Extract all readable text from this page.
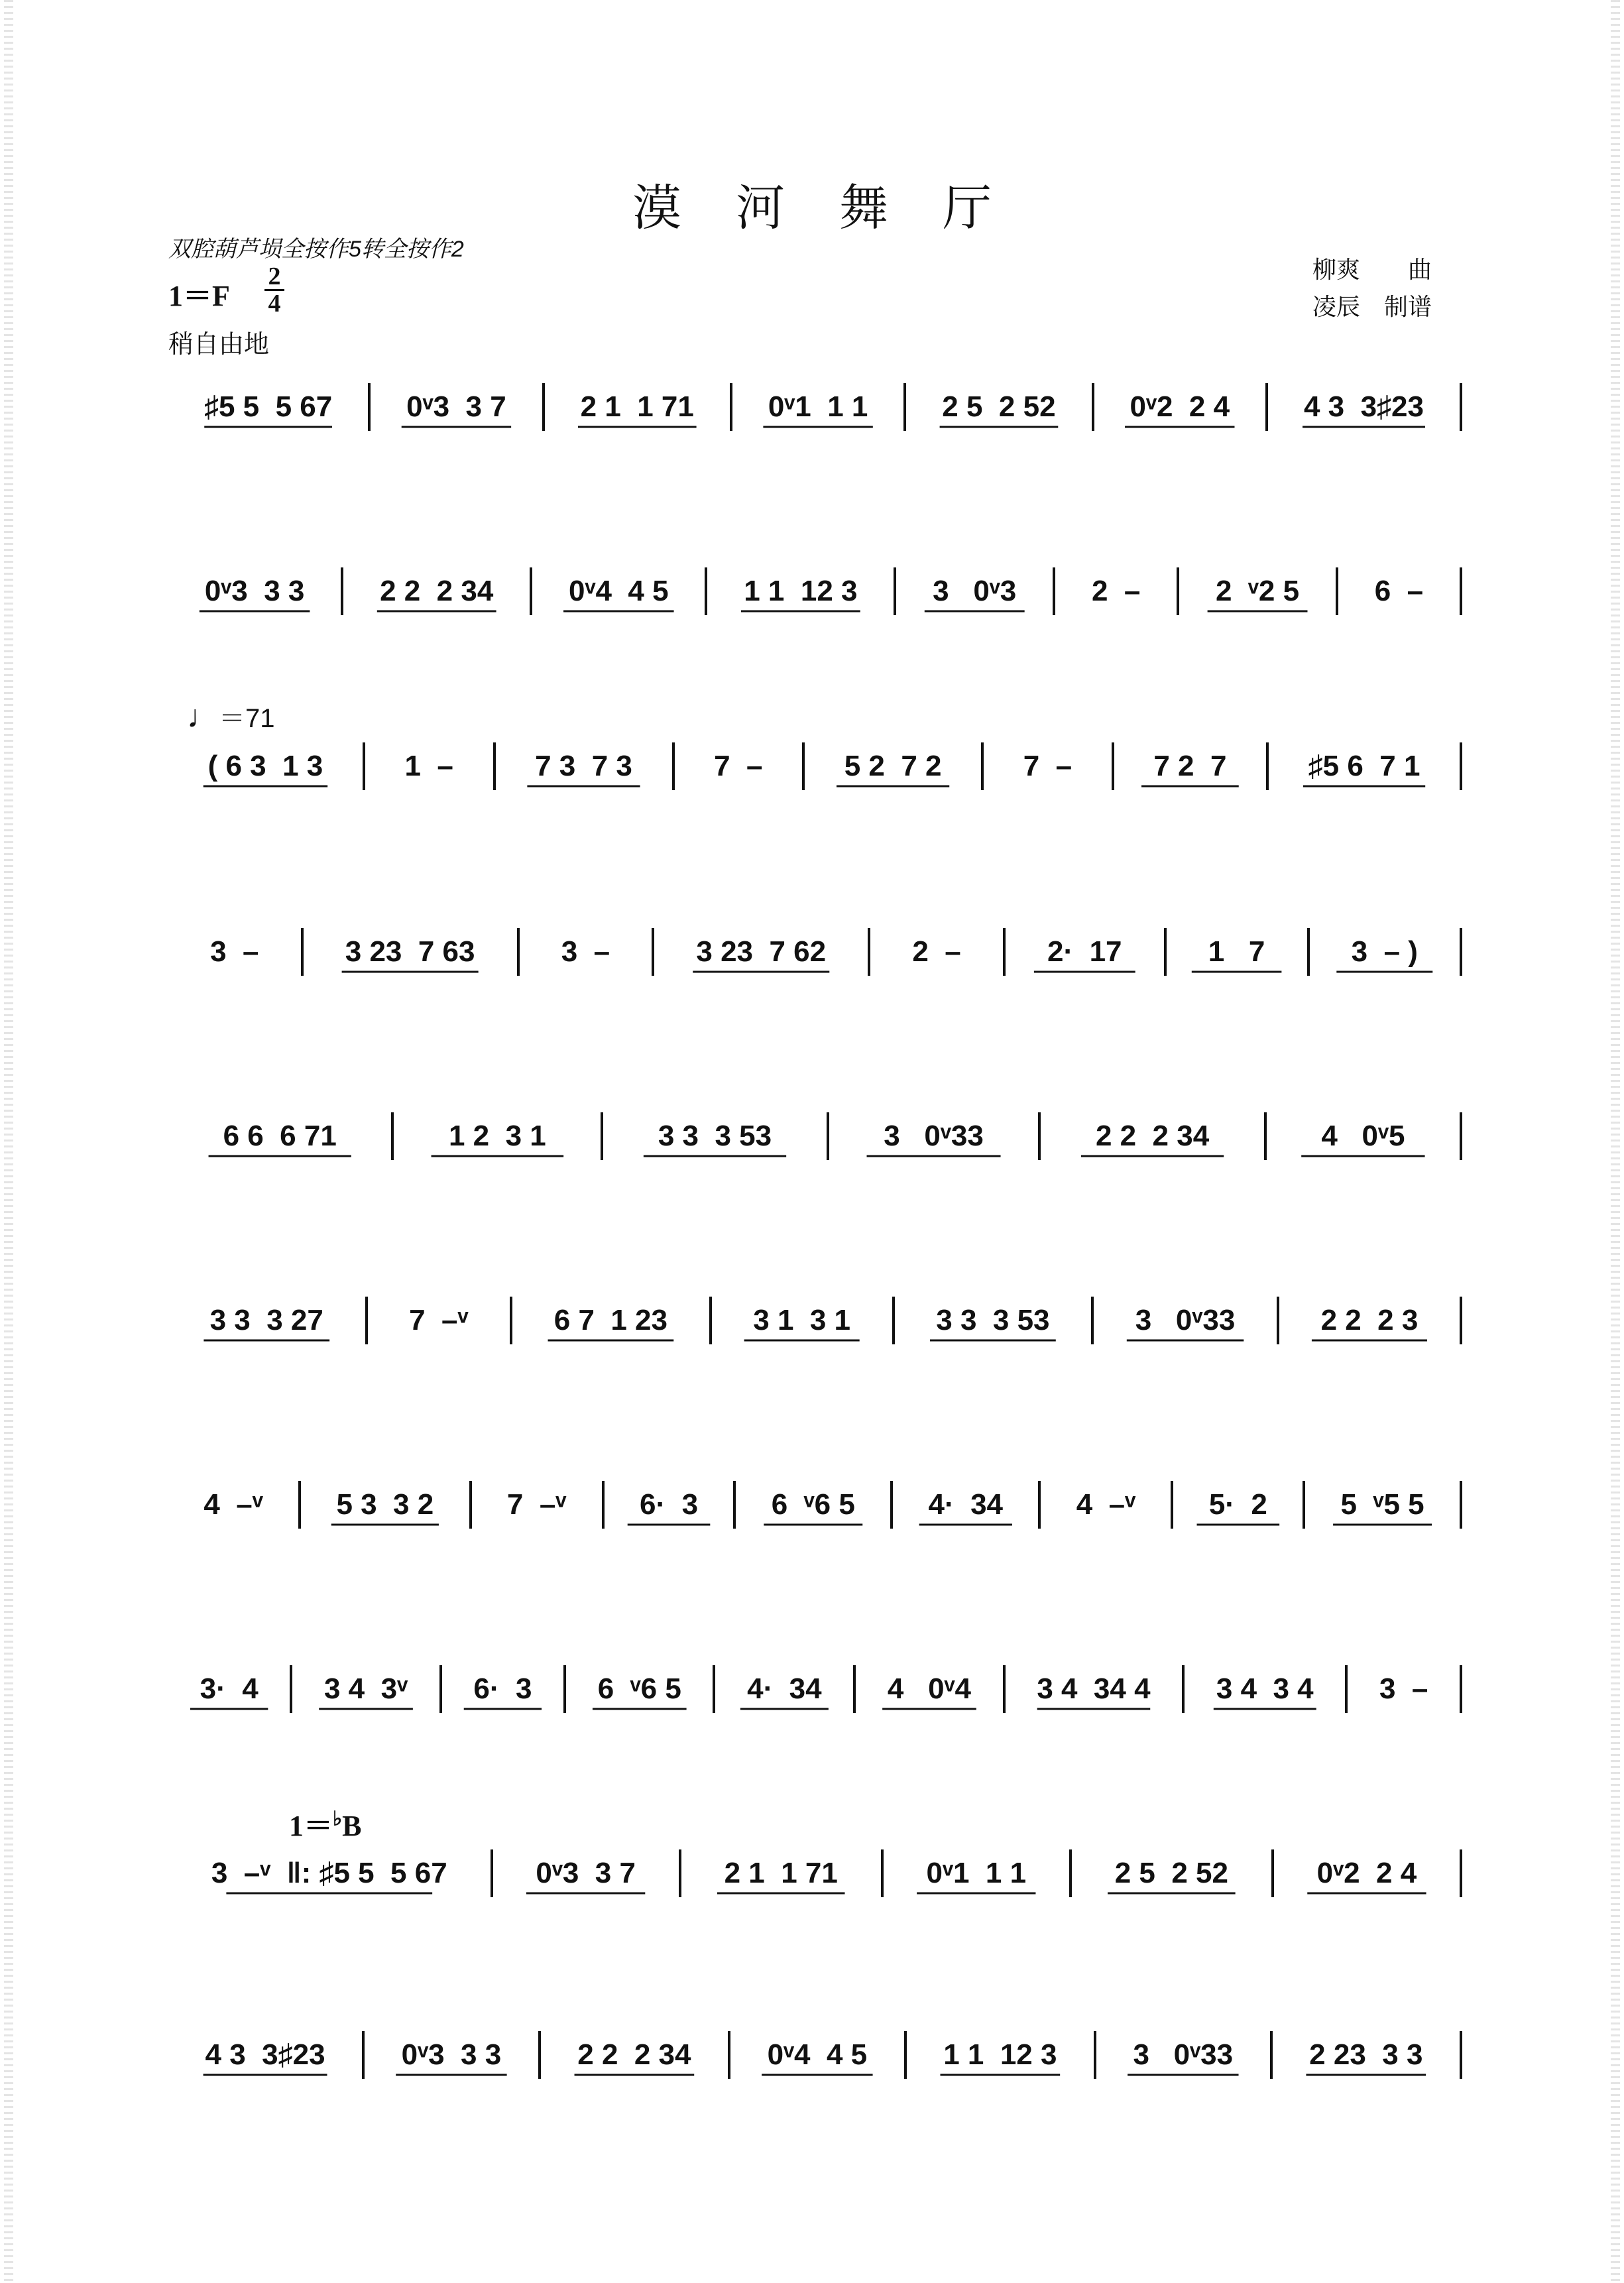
漠河舞厅
双腔葫芦埙全按作5转全按作2
1＝F
2
4
稍自由地
柳爽　　曲
凌辰　制谱
♩＝71
1＝♭B
♯5 5  5 67	0ᵛ3  3 7	2 1  1 71	0ᵛ1  1 1	2 5  2 52	0ᵛ2  2 4	4 3  3♯23
0ᵛ3  3 3	2 2  2 34	0ᵛ4  4 5	1 1  12 3	3   0ᵛ3	2  –	2  ᵛ2 5	6  –
( 6 3  1 3	1  –	7 3  7 3	7  –	5 2  7 2	7  –	7 2  7	♯5 6  7 1
3  –	3 23  7 63	3  –	3 23  7 62	2  –	2·  17	1   7	3  – )
6 6  6 71	1 2  3 1	3 3  3 53	3   0ᵛ33	2 2  2 34	4   0ᵛ5
3 3  3 27	7  –ᵛ	6 7  1 23	3 1  3 1	3 3  3 53	3   0ᵛ33	2 2  2 3
4  –ᵛ	5 3  3 2	7  –ᵛ	6·  3	6  ᵛ6 5	4·  34	4  –ᵛ	5·  2	5  ᵛ5 5
3·  4	3 4  3ᵛ	6·  3	6  ᵛ6 5	4·  34	4   0ᵛ4	3 4  34 4	3 4  3 4	3  –
3  –ᵛ  ‖: ♯5 5  5 67	0ᵛ3  3 7	2 1  1 71	0ᵛ1  1 1	2 5  2 52	0ᵛ2  2 4
4 3  3♯23	0ᵛ3  3 3	2 2  2 34	0ᵛ4  4 5	1 1  12 3	3   0ᵛ33	2 23  3 3
